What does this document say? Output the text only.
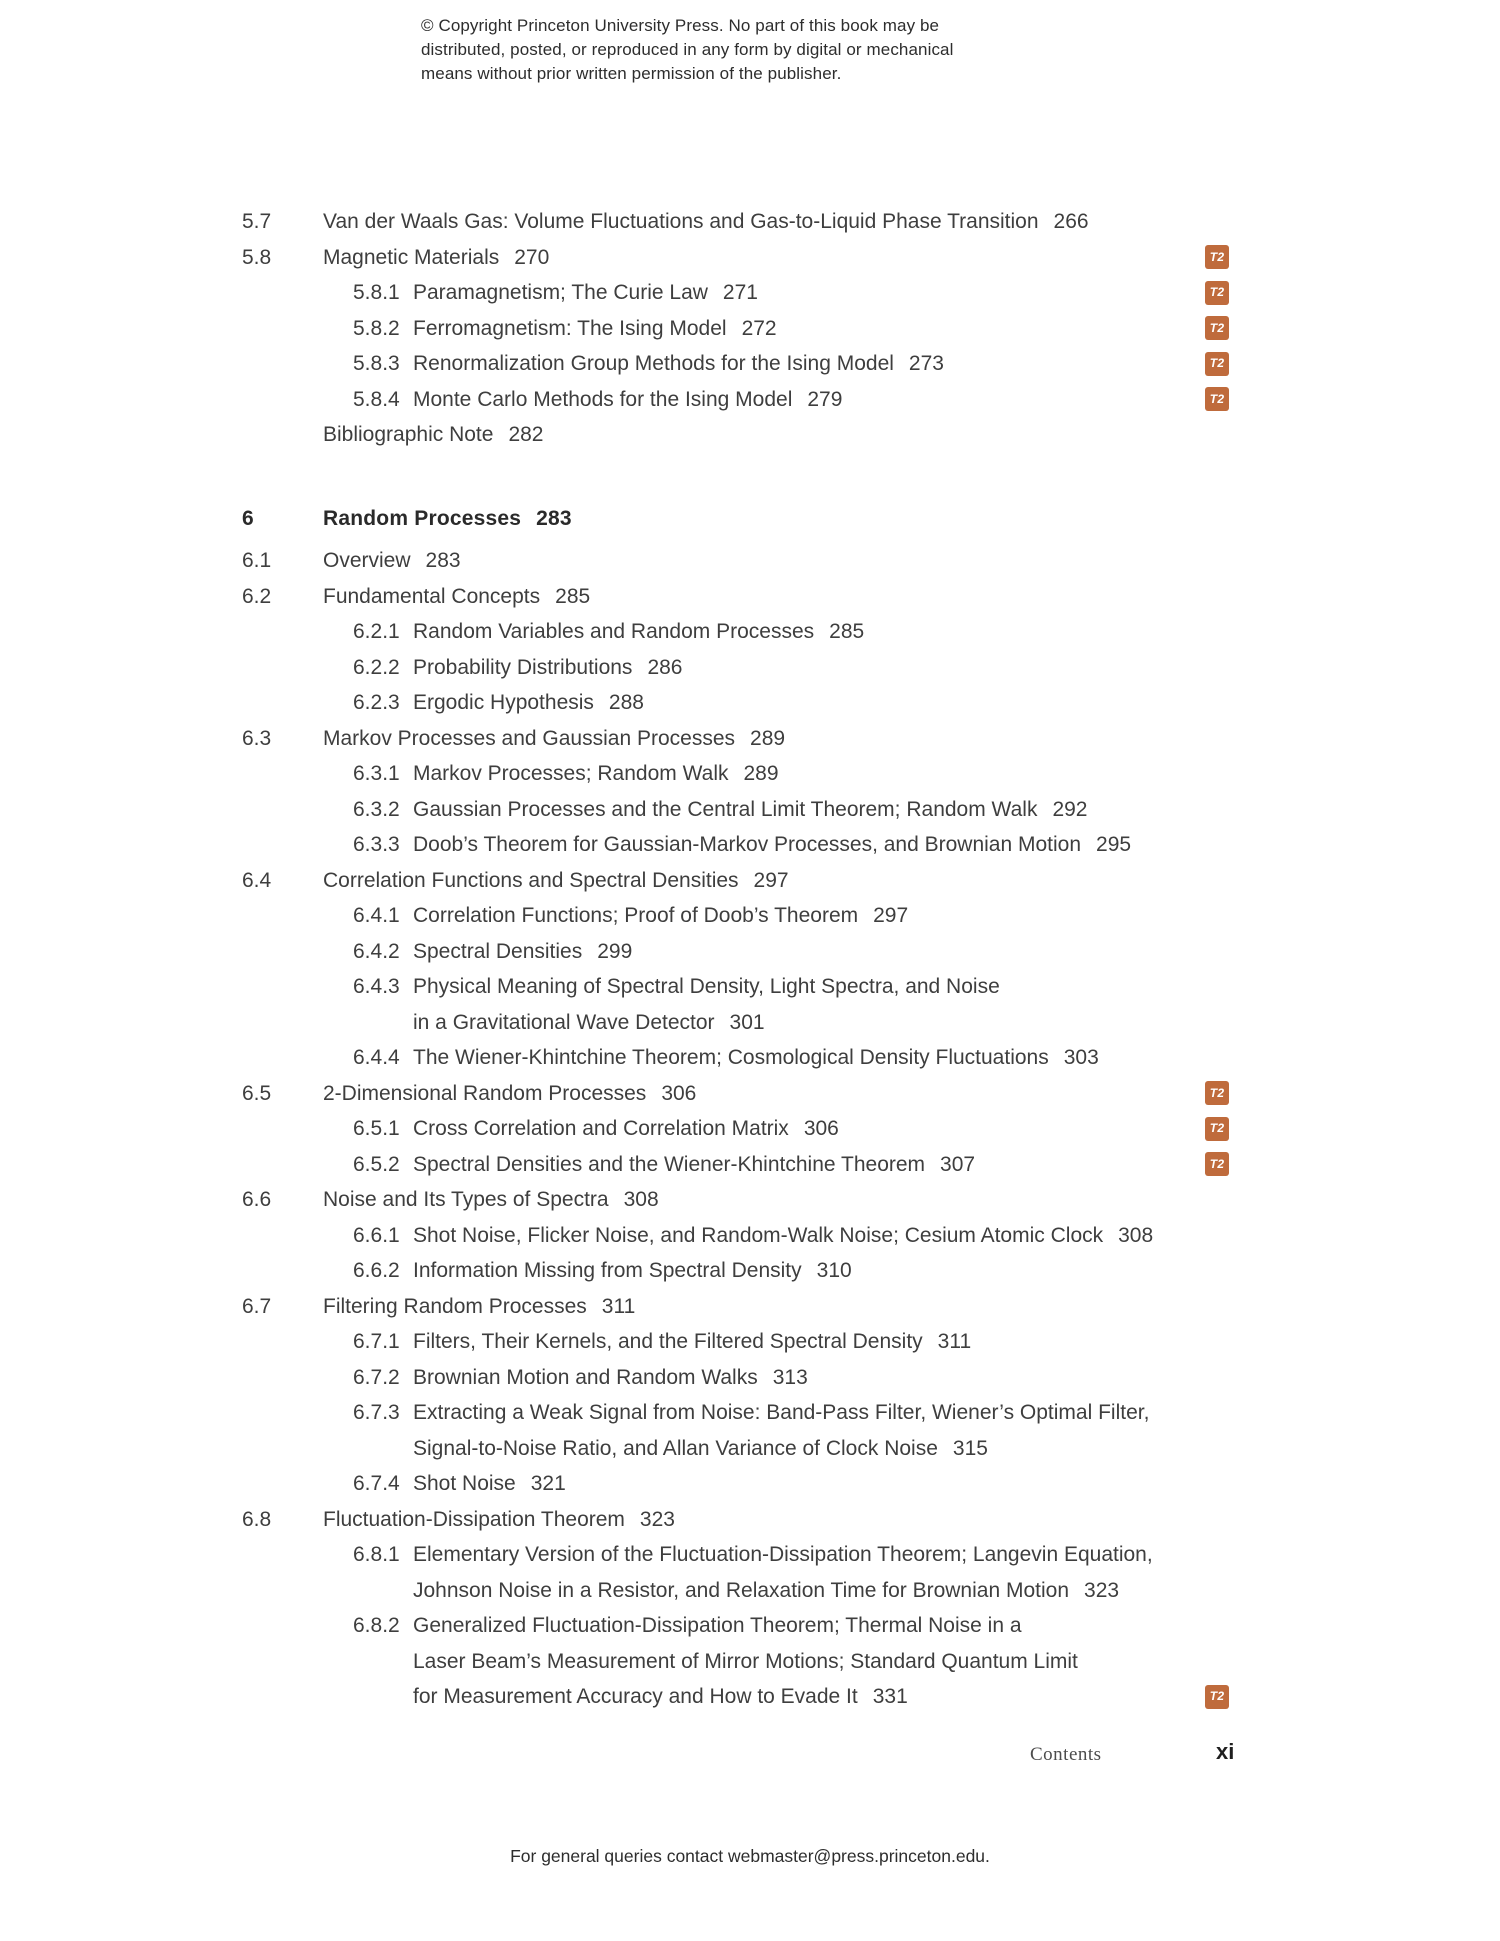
© Copyright Princeton University Press. No part of this book may be
distributed, posted, or reproduced in any form by digital or mechanical
means without prior written permission of the publisher.
5.7 Van der Waals Gas: Volume Fluctuations and Gas-to-Liquid Phase Transition 266
5.8 Magnetic Materials 270	T2
5.8.1 Paramagnetism; The Curie Law 271	T2
5.8.2 Ferromagnetism: The Ising Model 272	T2
5.8.3 Renormalization Group Methods for the Ising Model 273	T2
5.8.4 Monte Carlo Methods for the Ising Model 279	T2
Bibliographic Note 282
6	Random Processes 283
6.1 Overview 283
6.2 Fundamental Concepts 285
6.2.1 Random Variables and Random Processes 285
6.2.2 Probability Distributions 286
6.2.3 Ergodic Hypothesis 288
6.3 Markov Processes and Gaussian Processes 289
6.3.1 Markov Processes; Random Walk 289
6.3.2 Gaussian Processes and the Central Limit Theorem; Random Walk 292
6.3.3 Doob’s Theorem for Gaussian-Markov Processes, and Brownian Motion 295
6.4 Correlation Functions and Spectral Densities 297
6.4.1 Correlation Functions; Proof of Doob’s Theorem 297
6.4.2 Spectral Densities 299
6.4.3 Physical Meaning of Spectral Density, Light Spectra, and Noise
in a Gravitational Wave Detector 301
6.4.4 The Wiener-Khintchine Theorem; Cosmological Density Fluctuations 303
6.5 2-Dimensional Random Processes 306	T2
6.5.1 Cross Correlation and Correlation Matrix 306	T2
6.5.2 Spectral Densities and the Wiener-Khintchine Theorem 307	T2
6.6 Noise and Its Types of Spectra 308
6.6.1 Shot Noise, Flicker Noise, and Random-Walk Noise; Cesium Atomic Clock 308
6.6.2 Information Missing from Spectral Density 310
6.7 Filtering Random Processes 311
6.7.1 Filters, Their Kernels, and the Filtered Spectral Density 311
6.7.2 Brownian Motion and Random Walks 313
6.7.3 Extracting a Weak Signal from Noise: Band-Pass Filter, Wiener’s Optimal Filter,
Signal-to-Noise Ratio, and Allan Variance of Clock Noise 315
6.7.4 Shot Noise 321
6.8 Fluctuation-Dissipation Theorem 323
6.8.1 Elementary Version of the Fluctuation-Dissipation Theorem; Langevin Equation,
Johnson Noise in a Resistor, and Relaxation Time for Brownian Motion 323
6.8.2 Generalized Fluctuation-Dissipation Theorem; Thermal Noise in a
Laser Beam’s Measurement of Mirror Motions; Standard Quantum Limit
for Measurement Accuracy and How to Evade It 331	T2
Contents	xi
For general queries contact webmaster@press.princeton.edu.
